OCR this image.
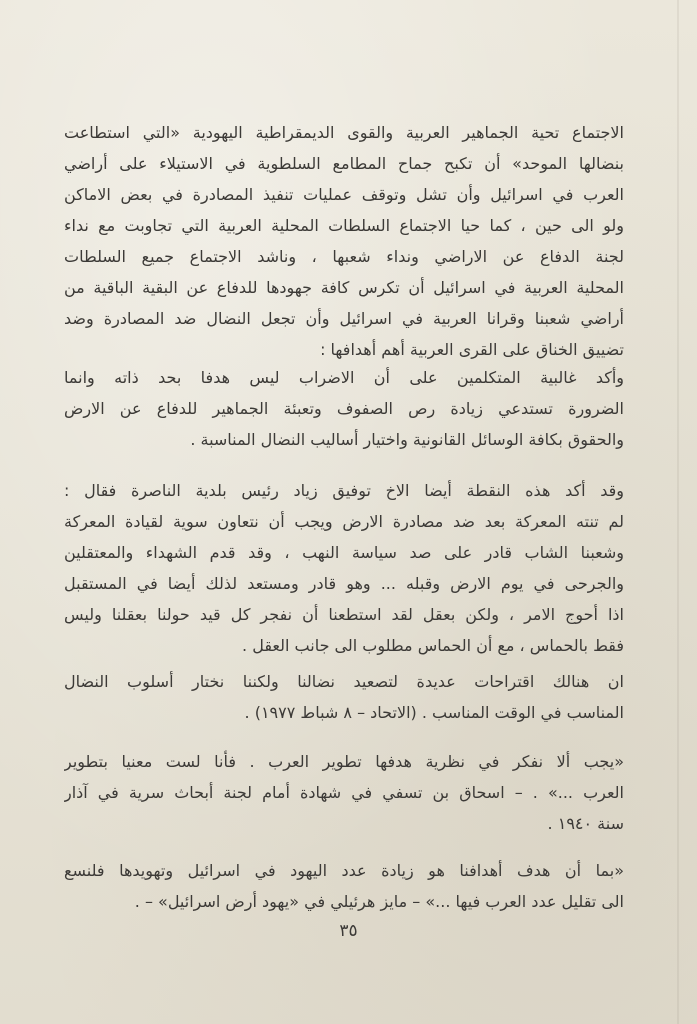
الاجتماع تحية الجماهير العربية والقوى الديمقراطية اليهودية «التي استطاعت
بنضالها الموحد» أن تكبح جماح المطامع السلطوية في الاستيلاء على أراضي
العرب في اسرائيل وأن تشل وتوقف عمليات تنفيذ المصادرة في بعض الاماكن
ولو الى حين ، كما حيا الاجتماع السلطات المحلية العربية التي تجاوبت مع نداء
لجنة الدفاع عن الاراضي ونداء شعبها ، وناشد الاجتماع جميع السلطات
المحلية العربية في اسرائيل أن تكرس كافة جهودها للدفاع عن البقية الباقية من
أراضي شعبنا وقرانا العربية في اسرائيل وأن تجعل النضال ضد المصادرة وضد
تضييق الخناق على القرى العربية أهم أهدافها :
وأكد غالبية المتكلمين على أن الاضراب ليس هدفا بحد ذاته وانما
الضرورة تستدعي زيادة رص الصفوف وتعبئة الجماهير للدفاع عن الارض
والحقوق بكافة الوسائل القانونية واختيار أساليب النضال المناسبة .
وقد أكد هذه النقطة أيضا الاخ توفيق زياد رئيس بلدية الناصرة فقال :
لم تنته المعركة بعد ضد مصادرة الارض ويجب أن نتعاون سوية لقيادة المعركة
وشعبنا الشاب قادر على صد سياسة النهب ، وقد قدم الشهداء والمعتقلين
والجرحى في يوم الارض وقبله ... وهو قادر ومستعد لذلك أيضا في المستقبل
اذا أحوج الامر ، ولكن بعقل لقد استطعنا أن نفجر كل قيد حولنا بعقلنا وليس
فقط بالحماس ، مع أن الحماس مطلوب الى جانب العقل .
ان هنالك اقتراحات عديدة لتصعيد نضالنا ولكننا نختار أسلوب النضال
المناسب في الوقت المناسب . (الاتحاد – ٨ شباط ١٩٧٧) .
«يجب ألا نفكر في نظرية هدفها تطوير العرب . فأنا لست معنيا بتطوير
العرب ...» . – اسحاق بن تسفي في شهادة أمام لجنة أبحاث سرية في آذار
سنة ١٩٤٠ .
«بما أن هدف أهدافنا هو زيادة عدد اليهود في اسرائيل وتهويدها فلنسع
الى تقليل عدد العرب فيها ...» – مايز هرئيلي في «يهود أرض اسرائيل» – .
٣٥
